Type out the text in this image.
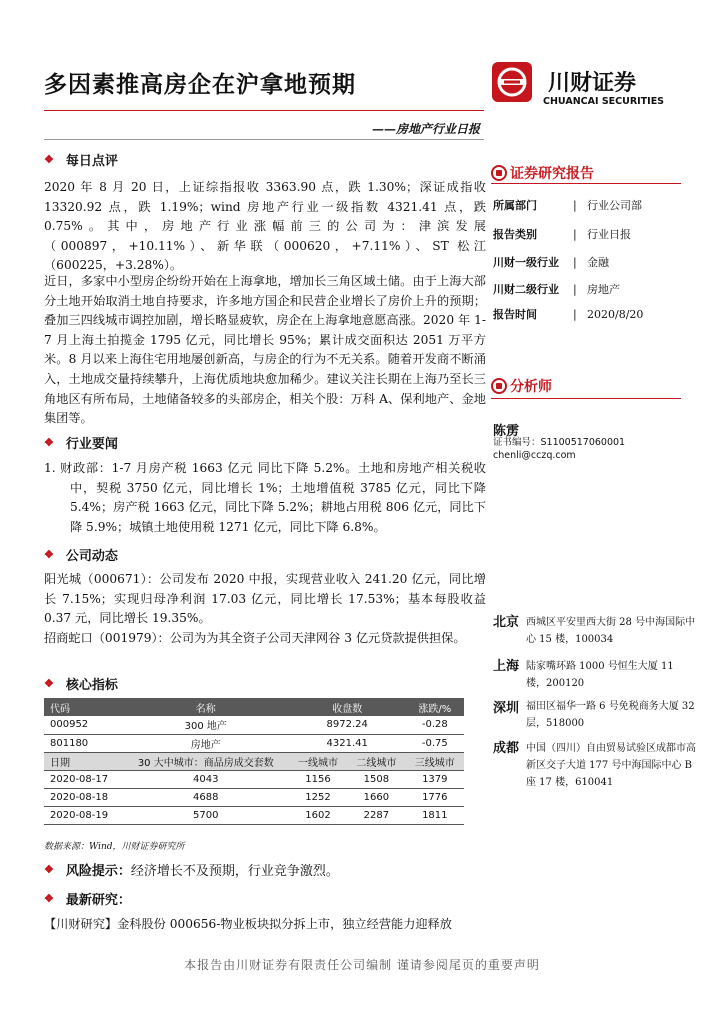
多因素推高房企在沪拿地预期	川财证券
CHUANCAI SECURITIES
——房地产行业日报
❖ 每日点评
2020 年 8 月 20 日，上证综指报收 3363.90 点，跌 1.30%；深证成指收 13320.92 点，跌 1.19%；wind 房地产行业一级指数 4321.41 点，跌 0.75%。其中，房地产行业涨幅前三的公司为：津滨发展（000897，+10.11%）、新华联（000620，+7.11%）、ST 松江（600225，+3.28%）。
近日，多家中小型房企纷纷开始在上海拿地，增加长三角区域土储。由于上海大部分土地开始取消土地自持要求，许多地方国企和民营企业增长了房价上升的预期；叠加三四线城市调控加剧，增长略显疲软，房企在上海拿地意愿高涨。2020 年 1-7 月上海土拍揽金 1795 亿元，同比增长 95%；累计成交面积达 2051 万平方米。8 月以来上海住宅用地屡创新高，与房企的行为不无关系。随着开发商不断涌入，土地成交量持续攀升，上海优质地块愈加稀少。建议关注长期在上海乃至长三角地区有所布局，土地储备较多的头部房企，相关个股：万科 A、保利地产、金地集团等。
❖ 行业要闻
1. 财政部：1-7 月房产税 1663 亿元 同比下降 5.2%。土地和房地产相关税收中，契税 3750 亿元，同比增长 1%；土地增值税 3785 亿元，同比下降 5.4%；房产税 1663 亿元，同比下降 5.2%；耕地占用税 806 亿元，同比下降 5.9%；城镇土地使用税 1271 亿元，同比下降 6.8%。
❖ 公司动态
阳光城（000671）：公司发布 2020 中报，实现营业收入 241.20 亿元，同比增长 7.15%；实现归母净利润 17.03 亿元，同比增长 17.53%；基本每股收益 0.37 元，同比增长 19.35%。
招商蛇口（001979）：公司为为其全资子公司天津网谷 3 亿元贷款提供担保。
❖ 核心指标
代码	名称	收盘数		涨跌/%
000952	300 地产	8972.24		-0.28
801180	房地产	4321.41		-0.75
日期	30 大中城市：商品房成交套数	一线城市	二线城市	三线城市
2020-08-17	4043	1156	1508	1379
2020-08-18	4688	1252	1660	1776
2020-08-19	5700	1602	2287	1811
数据来源：Wind，川财证券研究所
❖ 风险提示： 经济增长不及预期，行业竞争激烈。
❖ 最新研究：
【川财研究】金科股份 000656-物业板块拟分拆上市，独立经营能力迎释放
证券研究报告
所属部门	| 行业公司部
报告类别	| 行业日报
川财一级行业	| 金融
川财二级行业	| 房地产
报告时间	| 2020/8/20
分析师
陈雳
证书编号：S1100517060001
chenli@cczq.com
北京 西城区平安里西大街 28 号中海国际中心 15 楼，100034
上海 陆家嘴环路 1000 号恒生大厦 11 楼，200120
深圳 福田区福华一路 6 号免税商务大厦 32 层，518000
成都 中国（四川）自由贸易试验区成都市高新区交子大道 177 号中海国际中心 B 座 17 楼，610041
本报告由川财证券有限责任公司编制 谨请参阅尾页的重要声明
